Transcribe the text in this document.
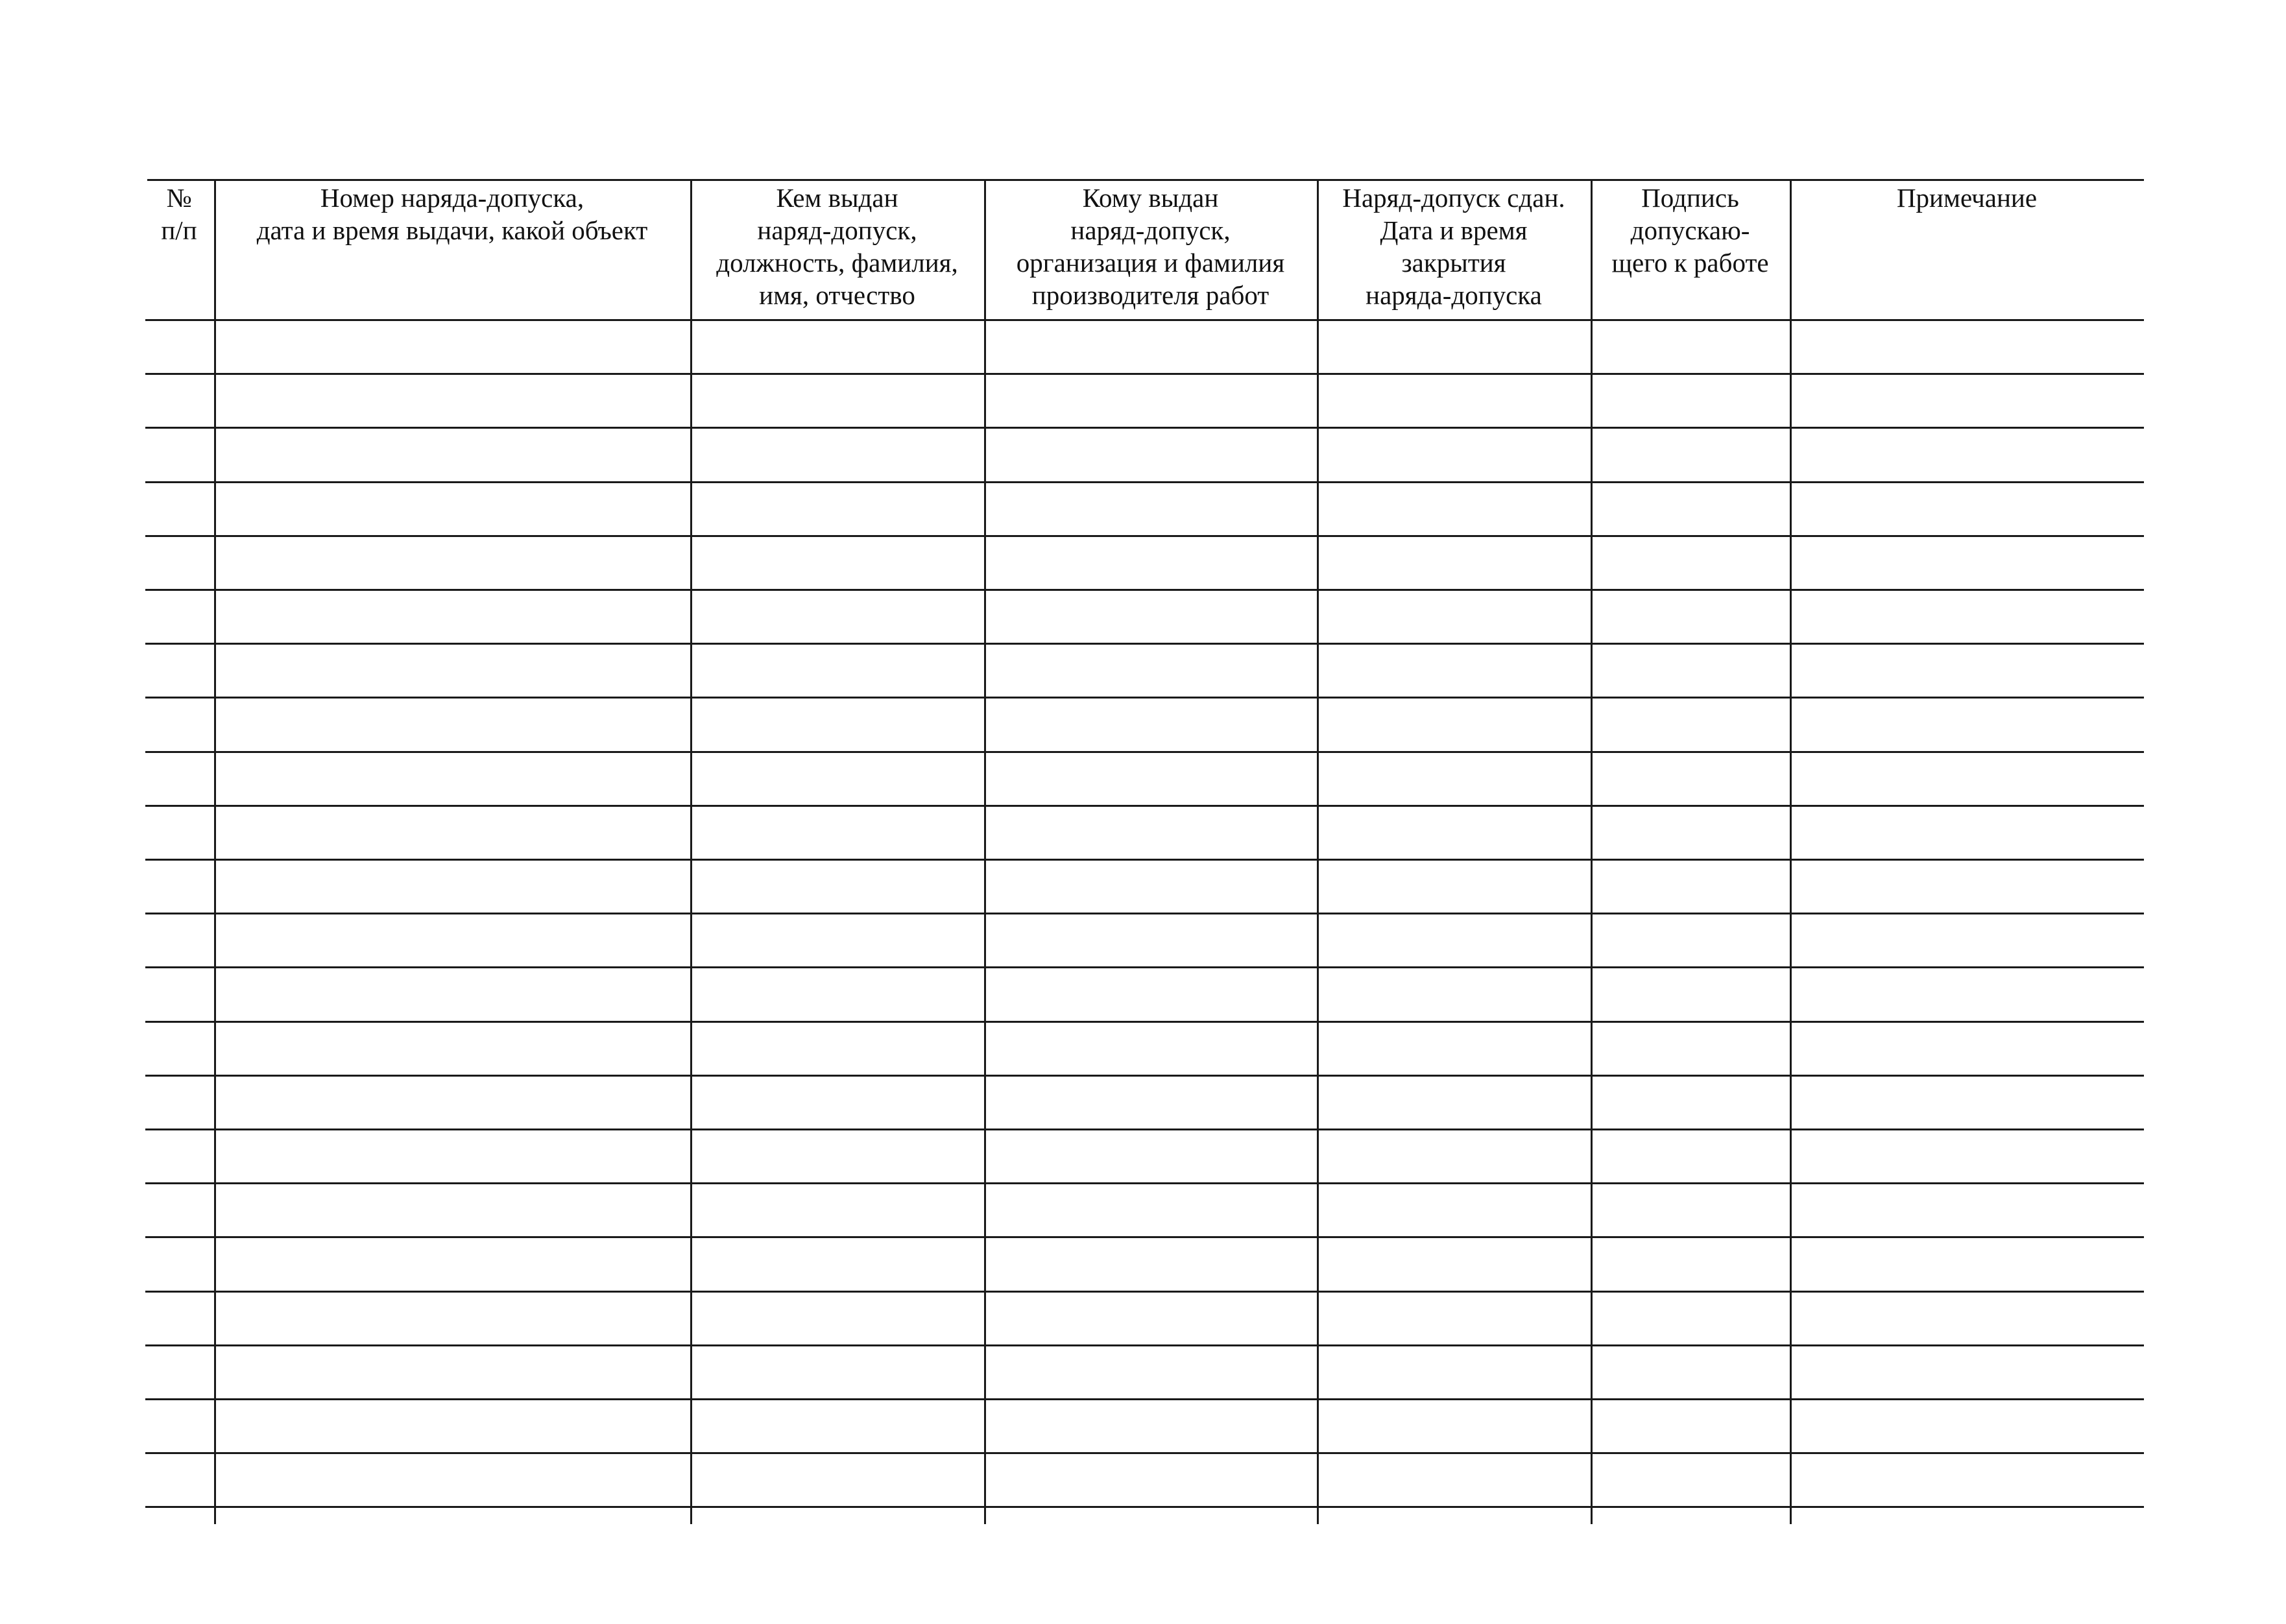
№
п/п
Номер наряда-допуска,
дата и время выдачи, какой объект
Кем выдан
наряд-допуск,
должность, фамилия,
имя, отчество
Кому выдан
наряд-допуск,
организация и фамилия
производителя работ
Наряд-допуск сдан.
Дата и время
закрытия
наряда-допуска
Подпись
допускаю-
щего к работе
Примечание
